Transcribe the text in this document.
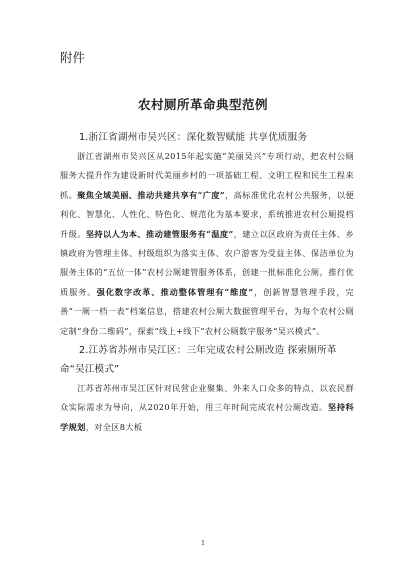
附件
农村厕所革命典型范例

1.浙江省湖州市吴兴区：深化数智赋能 共享优质服务

浙江省湖州市吴兴区从2015年起实施“美丽吴兴”专项行动，把农村公厕服务大提升作为建设新时代美丽乡村的一项基础工程、文明工程和民生工程来抓。聚焦全域美丽、推动共建共享有“广度”，高标准优化农村公共服务，以便利化、智慧化、人性化、特色化、规范化为基本要求，系统推进农村公厕提档升级。坚持以人为本、推动建管服务有“温度”，建立以区政府为责任主体、乡镇政府为管理主体、村级组织为落实主体、农户游客为受益主体、保洁单位为服务主体的“五位一体”农村公厕建管服务体系，创建一批标准化公厕，推行优质服务。强化数字改革、推动整体管理有“维度”，创新智慧管理手段，完善“一厕一档一表”档案信息，搭建农村公厕大数据管理平台，为每个农村公厕定制“身份二维码”，探索“线上+线下”农村公厕数字服务“吴兴模式”。

2.江苏省苏州市吴江区：三年完成农村公厕改造 探索厕所革命“吴江模式”

江苏省苏州市吴江区针对民营企业聚集、外来人口众多的特点，以农民群众实际需求为导向，从2020年开始，用三年时间完成农村公厕改造。坚持科学规划，对全区8大板

1
